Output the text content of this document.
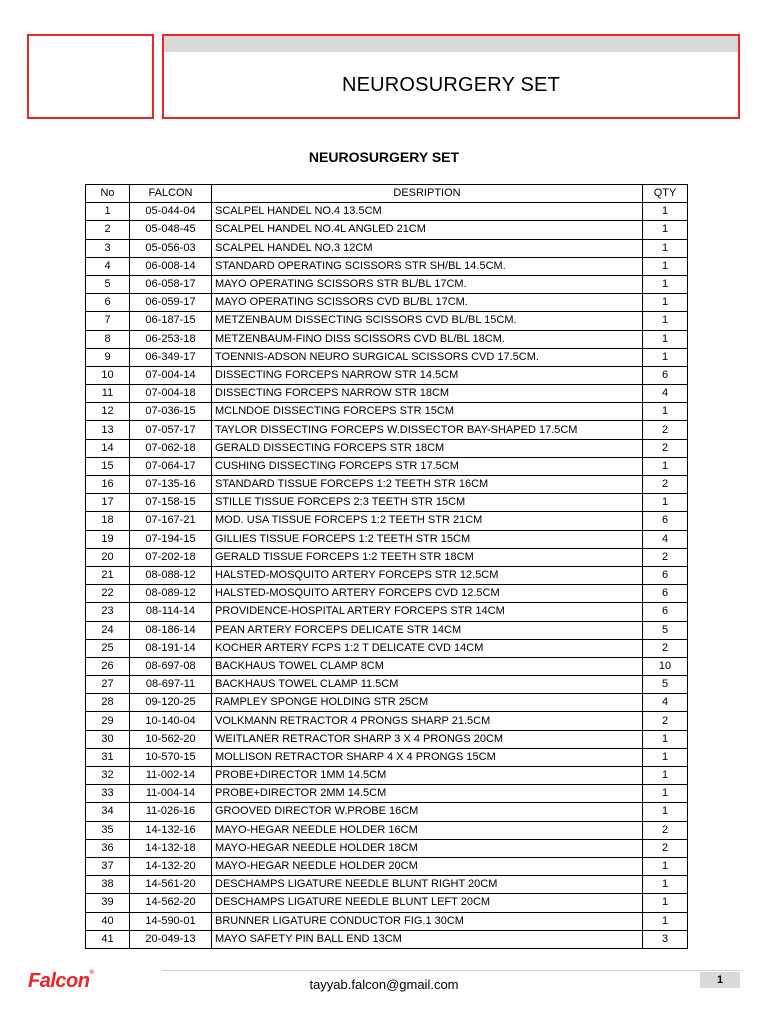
NEUROSURGERY SET
NEUROSURGERY SET
No	FALCON	DESRIPTION	QTY
1	05-044-04	SCALPEL HANDEL NO.4 13.5CM	1
2	05-048-45	SCALPEL HANDEL NO.4L ANGLED 21CM	1
3	05-056-03	SCALPEL HANDEL NO.3 12CM	1
4	06-008-14	STANDARD OPERATING SCISSORS STR SH/BL 14.5CM.	1
5	06-058-17	MAYO OPERATING SCISSORS STR BL/BL 17CM.	1
6	06-059-17	MAYO OPERATING SCISSORS CVD BL/BL 17CM.	1
7	06-187-15	METZENBAUM DISSECTING SCISSORS CVD BL/BL 15CM.	1
8	06-253-18	METZENBAUM-FINO DISS SCISSORS CVD BL/BL 18CM.	1
9	06-349-17	TOENNIS-ADSON NEURO SURGICAL SCISSORS CVD 17.5CM.	1
10	07-004-14	DISSECTING FORCEPS NARROW STR 14.5CM	6
11	07-004-18	DISSECTING FORCEPS NARROW STR 18CM	4
12	07-036-15	MCLNDOE DISSECTING FORCEPS STR 15CM	1
13	07-057-17	TAYLOR DISSECTING FORCEPS W.DISSECTOR BAY-SHAPED 17.5CM	2
14	07-062-18	GERALD DISSECTING FORCEPS STR 18CM	2
15	07-064-17	CUSHING DISSECTING FORCEPS STR 17.5CM	1
16	07-135-16	STANDARD TISSUE FORCEPS 1:2 TEETH STR 16CM	2
17	07-158-15	STILLE TISSUE FORCEPS 2:3 TEETH STR 15CM	1
18	07-167-21	MOD. USA TISSUE FORCEPS 1:2 TEETH STR 21CM	6
19	07-194-15	GILLIES TISSUE FORCEPS 1:2 TEETH STR 15CM	4
20	07-202-18	GERALD TISSUE FORCEPS 1:2 TEETH STR 18CM	2
21	08-088-12	HALSTED-MOSQUITO ARTERY FORCEPS STR 12.5CM	6
22	08-089-12	HALSTED-MOSQUITO ARTERY FORCEPS CVD 12.5CM	6
23	08-114-14	PROVIDENCE-HOSPITAL ARTERY FORCEPS STR 14CM	6
24	08-186-14	PEAN ARTERY FORCEPS DELICATE STR 14CM	5
25	08-191-14	KOCHER ARTERY FCPS 1:2 T DELICATE CVD 14CM	2
26	08-697-08	BACKHAUS TOWEL CLAMP 8CM	10
27	08-697-11	BACKHAUS TOWEL CLAMP 11.5CM	5
28	09-120-25	RAMPLEY SPONGE HOLDING STR 25CM	4
29	10-140-04	VOLKMANN RETRACTOR 4 PRONGS SHARP 21.5CM	2
30	10-562-20	WEITLANER RETRACTOR SHARP 3 X 4 PRONGS 20CM	1
31	10-570-15	MOLLISON RETRACTOR SHARP 4 X 4 PRONGS 15CM	1
32	11-002-14	PROBE+DIRECTOR 1MM 14.5CM	1
33	11-004-14	PROBE+DIRECTOR 2MM 14.5CM	1
34	11-026-16	GROOVED DIRECTOR W.PROBE 16CM	1
35	14-132-16	MAYO-HEGAR NEEDLE HOLDER 16CM	2
36	14-132-18	MAYO-HEGAR NEEDLE HOLDER 18CM	2
37	14-132-20	MAYO-HEGAR NEEDLE HOLDER 20CM	1
38	14-561-20	DESCHAMPS LIGATURE NEEDLE BLUNT RIGHT 20CM	1
39	14-562-20	DESCHAMPS LIGATURE NEEDLE BLUNT LEFT 20CM	1
40	14-590-01	BRUNNER LIGATURE CONDUCTOR FIG.1 30CM	1
41	20-049-13	MAYO SAFETY PIN BALL END 13CM	3
Falcon®
tayyab.falcon@gmail.com	1
